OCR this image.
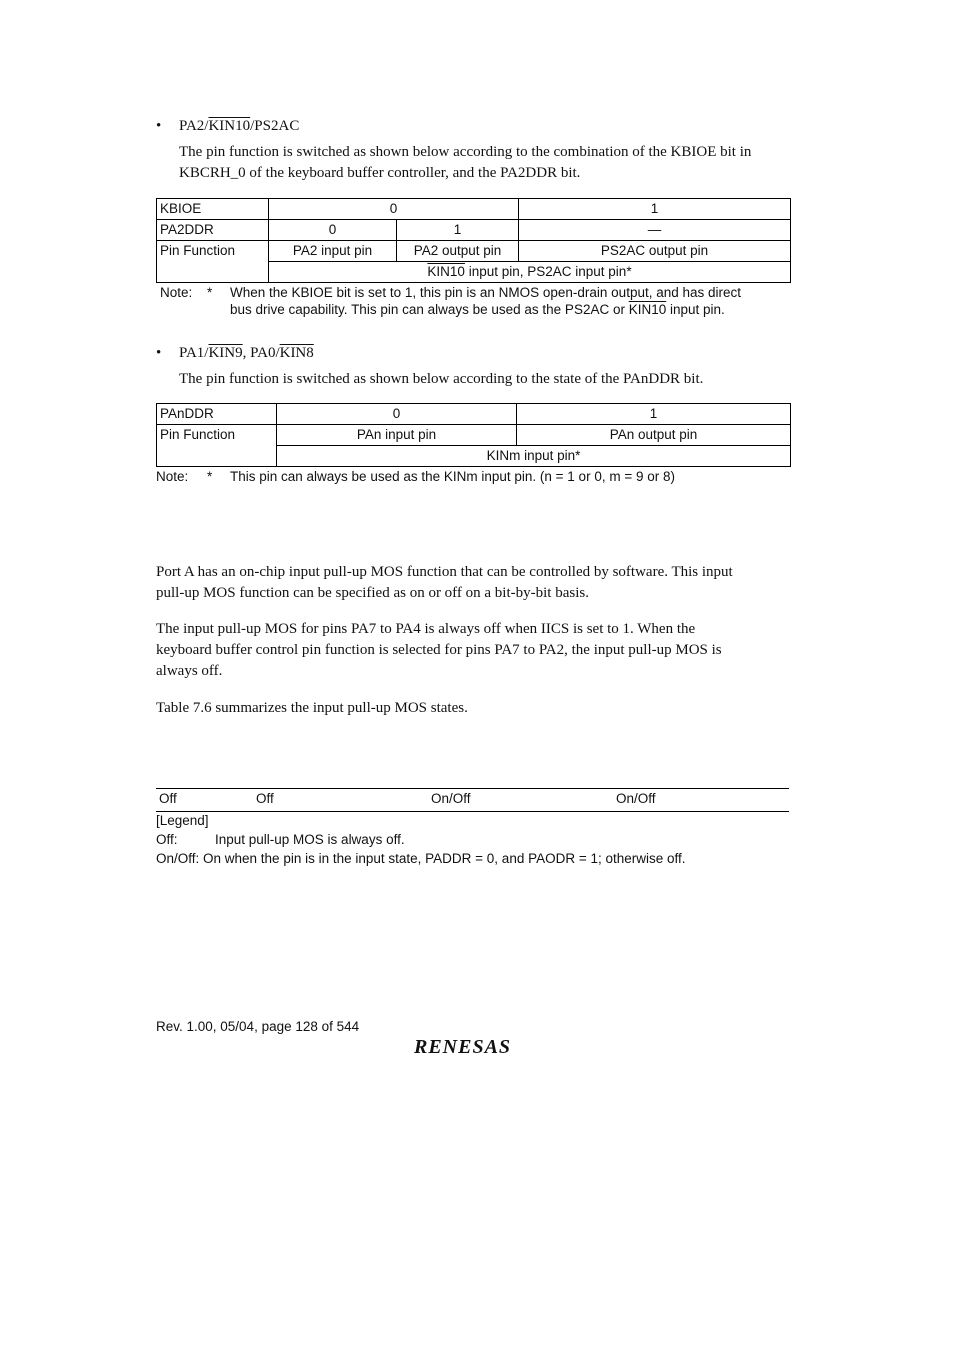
• PA2/KIN10/PS2AC
The pin function is switched as shown below according to the combination of the KBIOE bit in
KBCRH_0 of the keyboard buffer controller, and the PA2DDR bit.
KBIOE	0		1
PA2DDR	0	1	—
Pin Function	PA2 input pin	PA2 output pin	PS2AC output pin
	KIN10 input pin, PS2AC input pin*		
Note: * When the KBIOE bit is set to 1, this pin is an NMOS open-drain output, and has direct
bus drive capability. This pin can always be used as the PS2AC or KIN10 input pin.
• PA1/KIN9, PA0/KIN8
The pin function is switched as shown below according to the state of the PAnDDR bit.
PAnDDR	0	1
Pin Function	PAn input pin	PAn output pin
	KINm input pin*	
Note: * This pin can always be used as the KINm input pin. (n = 1 or 0, m = 9 or 8)
Port A has an on-chip input pull-up MOS function that can be controlled by software. This input
pull-up MOS function can be specified as on or off on a bit-by-bit basis.
The input pull-up MOS for pins PA7 to PA4 is always off when IICS is set to 1. When the
keyboard buffer control pin function is selected for pins PA7 to PA2, the input pull-up MOS is
always off.
Table 7.6 summarizes the input pull-up MOS states.
Off	Off	On/Off	On/Off
[Legend]
Off:	Input pull-up MOS is always off.
On/Off: On when the pin is in the input state, PADDR = 0, and PAODR = 1; otherwise off.
Rev. 1.00, 05/04, page 128 of 544
RENESAS
